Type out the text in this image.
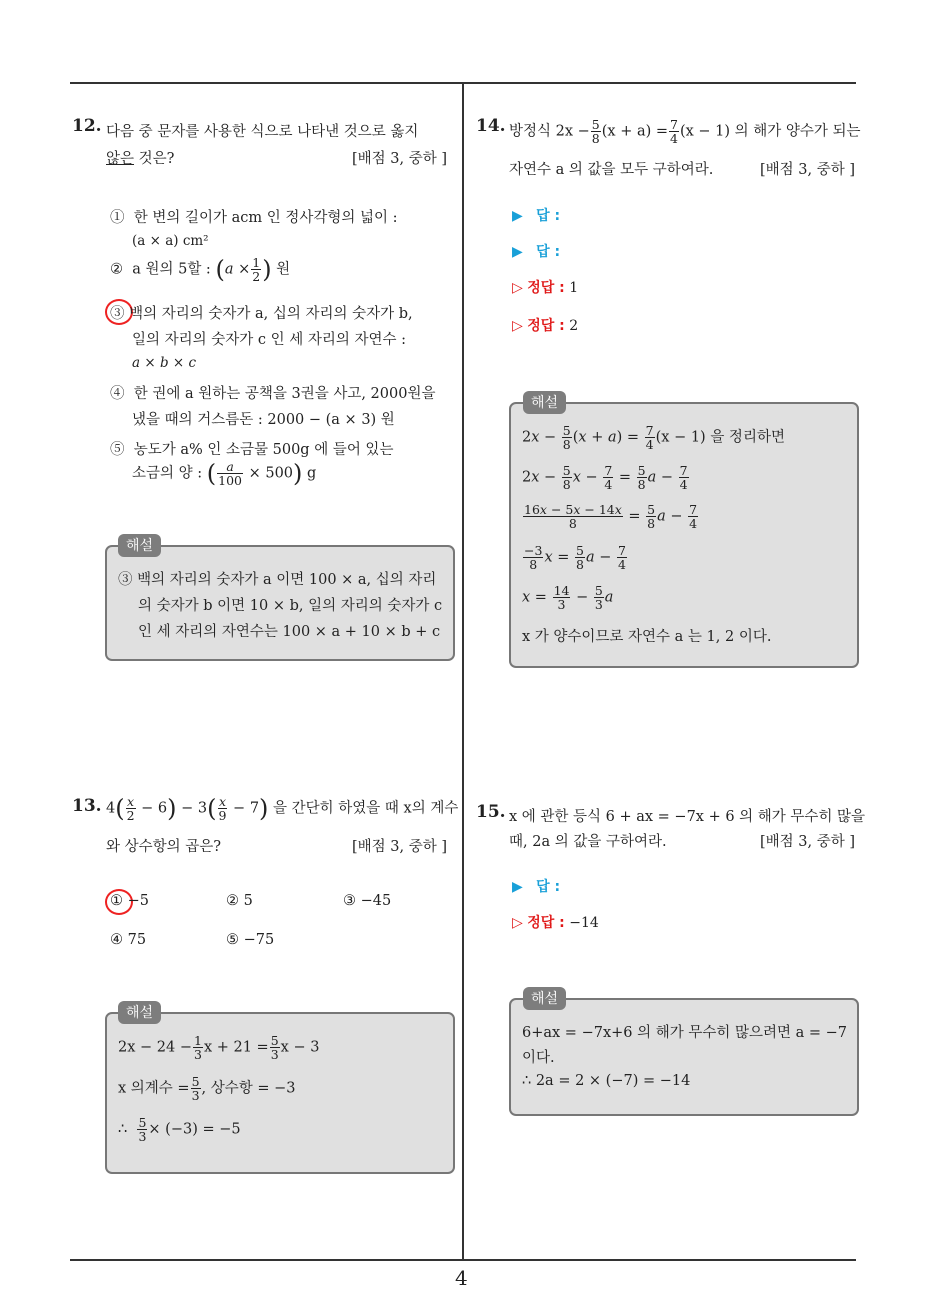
4
12. 다음 중 문자를 사용한 식으로 나타낸 것으로 옳지
않은 것은?	[배점 3, 중하 ]
① 한 변의 길이가 acm 인 정사각형의 넓이 :
(a × a) cm²
② a 원의 5할 : ($a \times \frac{1}{2}$ ) 원
③ 백의 자리의 숫자가 a, 십의 자리의 숫자가 b,
일의 자리의 숫자가 c 인 세 자리의 자연수 :
a × b × c
④ 한 권에 a 원하는 공책을 3권을 사고, 2000원을
냈을 때의 거스름돈 : 2000 − (a × 3) 원
⑤ 농도가 a% 인 소금물 500g 에 들어 있는
소금의 양 : ( $\frac{a}{100} \times 500$) g
해설
③ 백의 자리의 숫자가 a 이면 100 × a, 십의 자리
의 숫자가 b 이면 10 × b, 일의 자리의 숫자가 c
인 세 자리의 자연수는 100 × a + 10 × b + c
13. $4( \frac{x}{2} - 6) - 3( \frac{x}{9} - 7)$ 을 간단히 하였을 때 x의 계수
와 상수항의 곱은?	[배점 3, 중하 ]
① −5	② 5	③ −45
④ 75	⑤ −75
해설
$2x - 24 - \frac{1}{3}$ $x + 21 = \frac{5}{3}$ x − 3
x 의계수 = $\frac{5}{3}$ , 상수항 = −3
∴ $\frac{5}{3} \times (-3) = -5$
14. 방정식 $2x - \frac{5}{8} (x + a) = \frac{7}{4} (x - 1)$ 의 해가 양수가 되는
자연수 a 의 값을 모두 구하여라.	[배점 3, 중하 ]
▶ 답 :
▶ 답 :
▷ 정답 : 1
▷ 정답 : 2
해설
$2x - \frac{5}{8} (x + a) = \frac{7}{4} (x - 1)$ 을 정리하면
$2x - \frac{5}{8}$ $x - \frac{7}{4} = \frac{5}{8}$ $a - \frac{7}{4}$
$\frac{16x - 5x - 14x}{8} = \frac{5}{8}$ $a - \frac{7}{4}$
$\frac{-3}{8}$ $x = \frac{5}{8}$ $a - \frac{7}{4}$
$x = \frac{14}{3} - \frac{5}{3}$ a
x 가 양수이므로 자연수 a 는 1, 2 이다.
15. x 에 관한 등식 6 + ax = −7x + 6 의 해가 무수히 많을
때, 2a 의 값을 구하여라.	[배점 3, 중하 ]
▶ 답 :
▷ 정답 : −14
해설
6+ax = −7x+6 의 해가 무수히 많으려면 a = −7
이다.
∴ 2a = 2 × (−7) = −14
